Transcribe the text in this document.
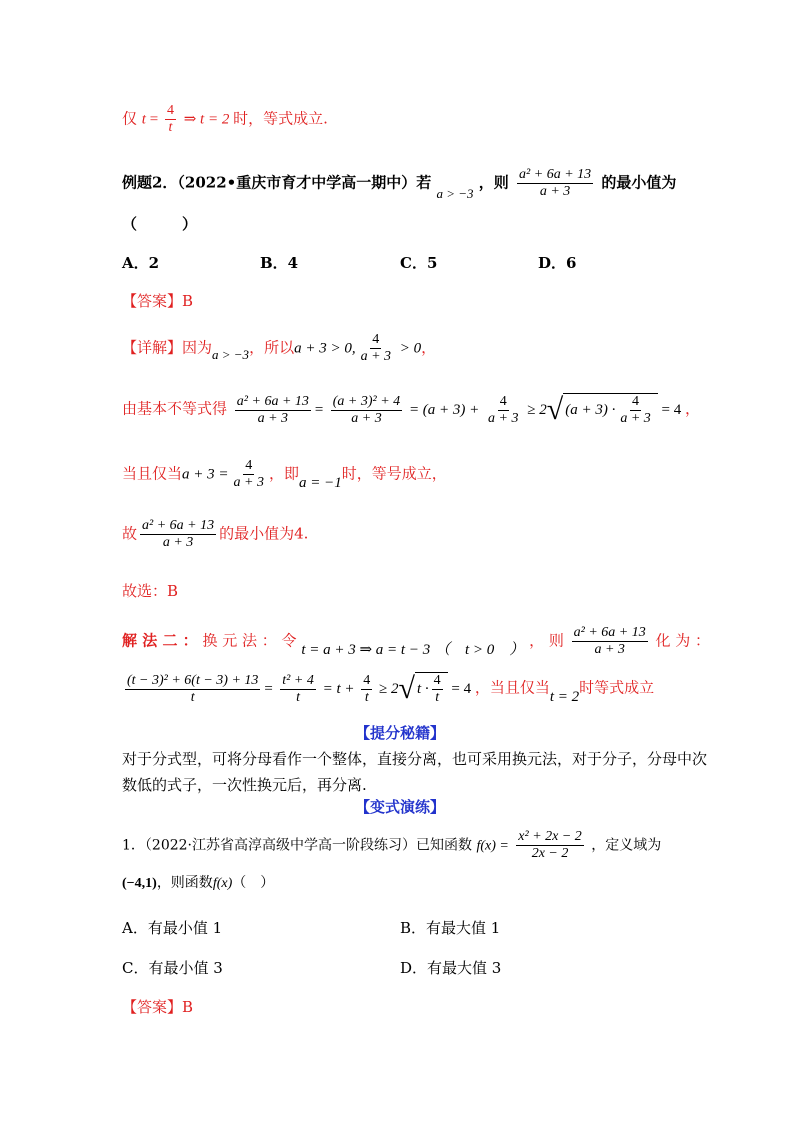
仅 $t = \frac{4}{t}$ ⇒ t = 2 时，等式成立.
例题2．（2022•重庆市育才中学高一期中）若 a > −3 ，则 $\frac{\text{a² + 6a + 13}}{a + 3}$ 的最小值为
（　　　）
A．2	B．4	C．5	D．6
【答案】B
【详解】因为a > −3，所以a + 3 > 0, $\frac{4}{a + 3} > 0$，
由基本不等式得 $\frac{\text{a² + 6a + 13}}{a + 3} = \frac{\text{(a + 3)² + 4}}{a + 3} = (a + 3) + \frac{4}{a + 3} \ge 2$ √ $(a + 3) \cdot \frac{4}{a + 3} = 4$ ，
当且仅当$a + 3 = \frac{4}{a + 3}$ ，即a = −1时，等号成立，
故 $\frac{\text{a² + 6a + 13}}{a + 3}$ 的最小值为4.
故选：B
解 法 二 ： 换 元 法 ： 令 t = a + 3 ⇒ a = t − 3 （　t > 0　） ， 则 $\frac{\text{a² + 6a + 13}}{a + 3}$ 化 为 ：
$\frac{\text{(t − 3)² + 6(t − 3) + 13}}{t} = \frac{\text{t² + 4}}{t} = t + \frac{4}{t} \ge 2$ √ $t \cdot \frac{4}{t} = 4$ ，当且仅当t = 2时等式成立
【提分秘籍】
对于分式型，可将分母看作一个整体，直接分离，也可采用换元法，对于分子，分母中次
数低的式子，一次性换元后，再分离.
【变式演练】
1．（2022·江苏省高淳高级中学高一阶段练习）已知函数 $f(x) = \frac{\text{x² + 2x − 2}}{2x - 2}$ ，定义域为
(−4,1)，则函数f(x)（　）
A．有最小值 1	B．有最大值 1
C．有最小值 3	D．有最大值 3
【答案】B
